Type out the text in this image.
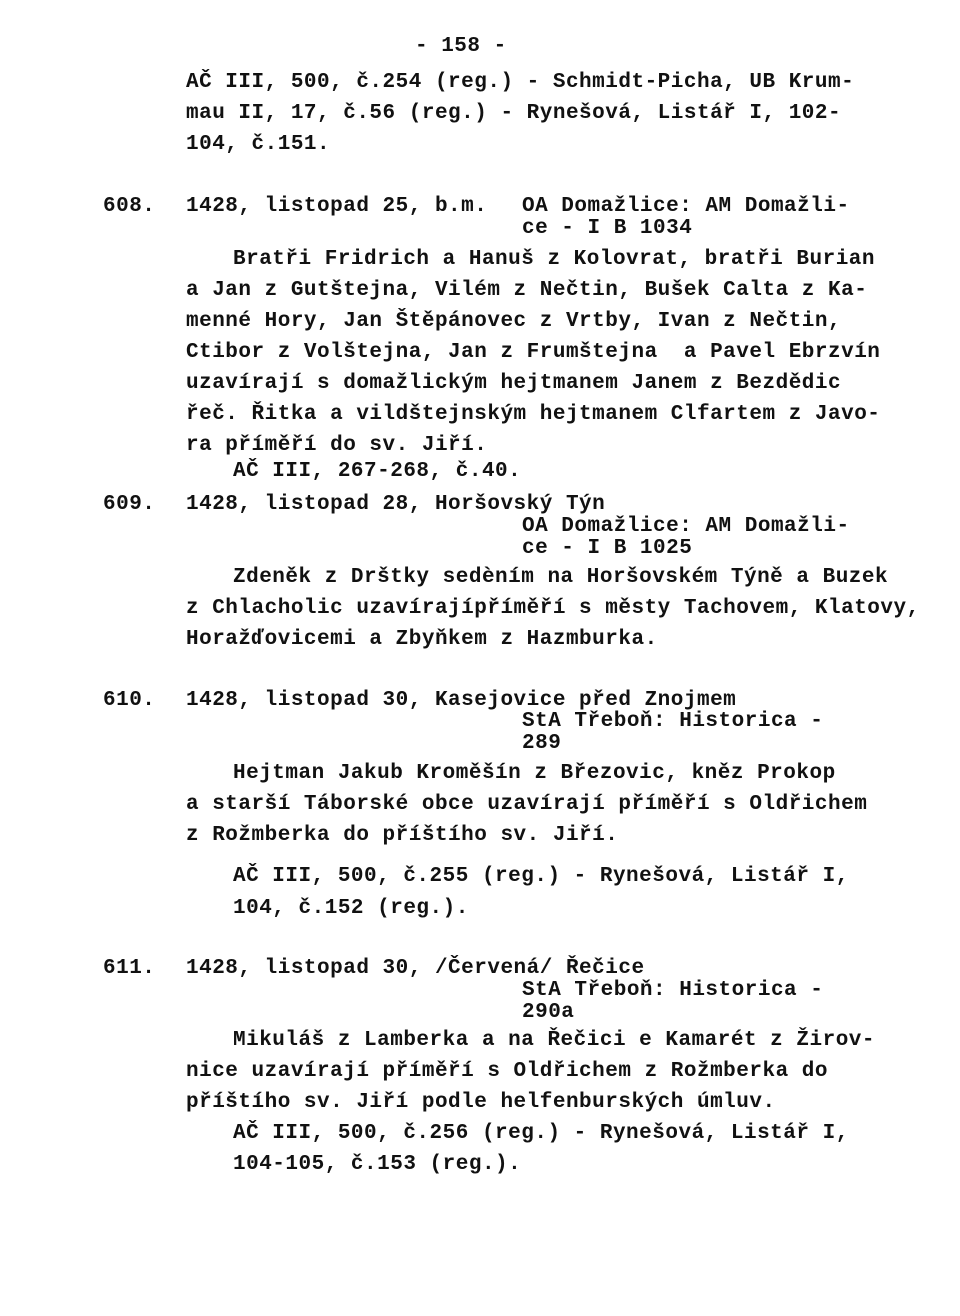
- 158 -
AČ III, 500, č.254 (reg.) - Schmidt-Picha, UB Krum-
mau II, 17, č.56 (reg.) - Rynešová, Listář I, 102-
104, č.151.
608. 1428, listopad 25, b.m. OA Domažlice: AM Domažli-
ce - I B 1034
Bratři Fridrich a Hanuš z Kolovrat, bratři Burian
a Jan z Gutštejna, Vilém z Nečtin, Bušek Calta z Ka-
menné Hory, Jan Štěpánovec z Vrtby, Ivan z Nečtin,
Ctibor z Volštejna, Jan z Frumštejna  a Pavel Ebrzvín
uzavírají s domažlickým hejtmanem Janem z Bezdědic
řeč. Řitka a vildštejnským hejtmanem Clfartem z Javo-
ra příměří do sv. Jiří.
AČ III, 267-268, č.40.
609. 1428, listopad 28, Horšovský Týn
OA Domažlice: AM Domažli-
ce - I B 1025
Zdeněk z Drštky sedèním na Horšovském Týně a Buzek
z Chlacholic uzavírajípříměří s městy Tachovem, Klatovy,
Horažďovicemi a Zbyňkem z Hazmburka.
610. 1428, listopad 30, Kasejovice před Znojmem
StA Třeboň: Historica -
289
Hejtman Jakub Kroměšín z Březovic, kněz Prokop
a starší Táborské obce uzavírají příměří s Oldřichem
z Rožmberka do příštího sv. Jiří.
AČ III, 500, č.255 (reg.) - Rynešová, Listář I,
104, č.152 (reg.).
611. 1428, listopad 30, /Červená/ Řečice
StA Třeboň: Historica -
290a
Mikuláš z Lamberka a na Řečici e Kamarét z Žirov-
nice uzavírají příměří s Oldřichem z Rožmberka do
příštího sv. Jiří podle helfenburských úmluv.
AČ III, 500, č.256 (reg.) - Rynešová, Listář I,
104-105, č.153 (reg.).
